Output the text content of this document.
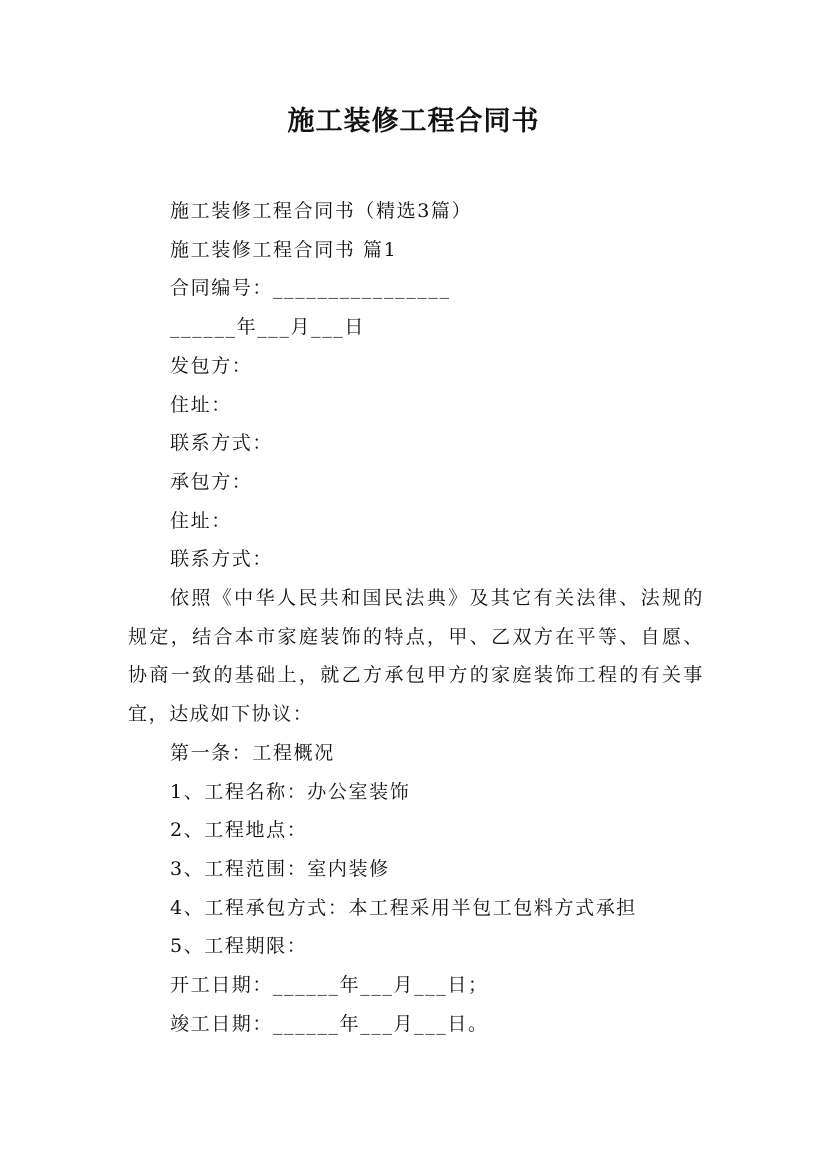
施工装修工程合同书
施工装修工程合同书（精选3篇）
施工装修工程合同书 篇1
合同编号：________________
______年___月___日
发包方：
住址：
联系方式：
承包方：
住址：
联系方式：
依照《中华人民共和国民法典》及其它有关法律、法规的规定，结合本市家庭装饰的特点，甲、乙双方在平等、自愿、协商一致的基础上，就乙方承包甲方的家庭装饰工程的有关事宜，达成如下协议：
第一条：工程概况
1、工程名称：办公室装饰
2、工程地点：
3、工程范围：室内装修
4、工程承包方式：本工程采用半包工包料方式承担
5、工程期限：
开工日期：______年___月___日；
竣工日期：______年___月___日。
